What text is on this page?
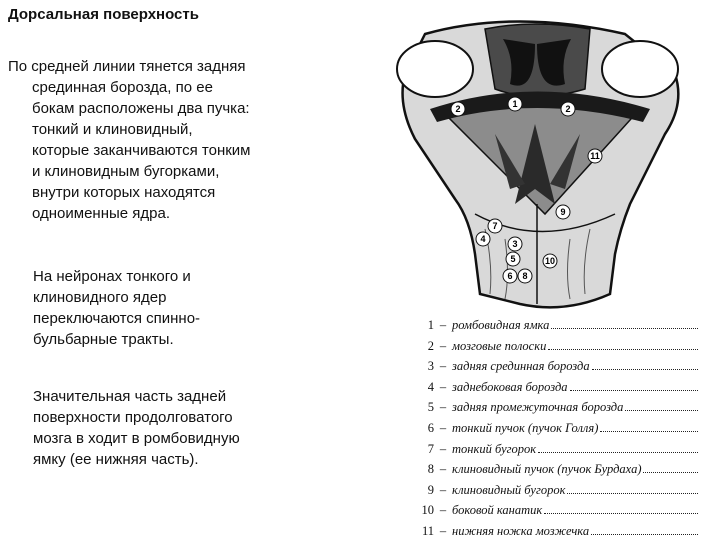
Дорсальная поверхность

По средней линии тянется задняя

срединная борозда, по ее

бокам расположены два пучка:

тонкий и клиновидный,

которые заканчиваются тонким

и клиновидным бугорками,

внутри которых находятся

одноименные ядра.

На нейронах тонкого и

клиновидного ядер

переключаются спинно-

бульбарные тракты.

Значительная часть задней

поверхности продолговатого

мозга в ходит в ромбовидную

ямку (ее нижняя часть).

1
2	2
3
4
5
6
7
8
9
10
11
1 – ромбовидная ямка
2 – мозговые полоски
3 – задняя срединная борозда
4 – заднебоковая борозда
5 – задняя промежуточная борозда
6 – тонкий пучок (пучок Голля)
7 – тонкий бугорок
8 – клиновидный пучок (пучок Бурдаха)
9 – клиновидный бугорок
10 – боковой канатик
11 – нижняя ножка мозжечка
